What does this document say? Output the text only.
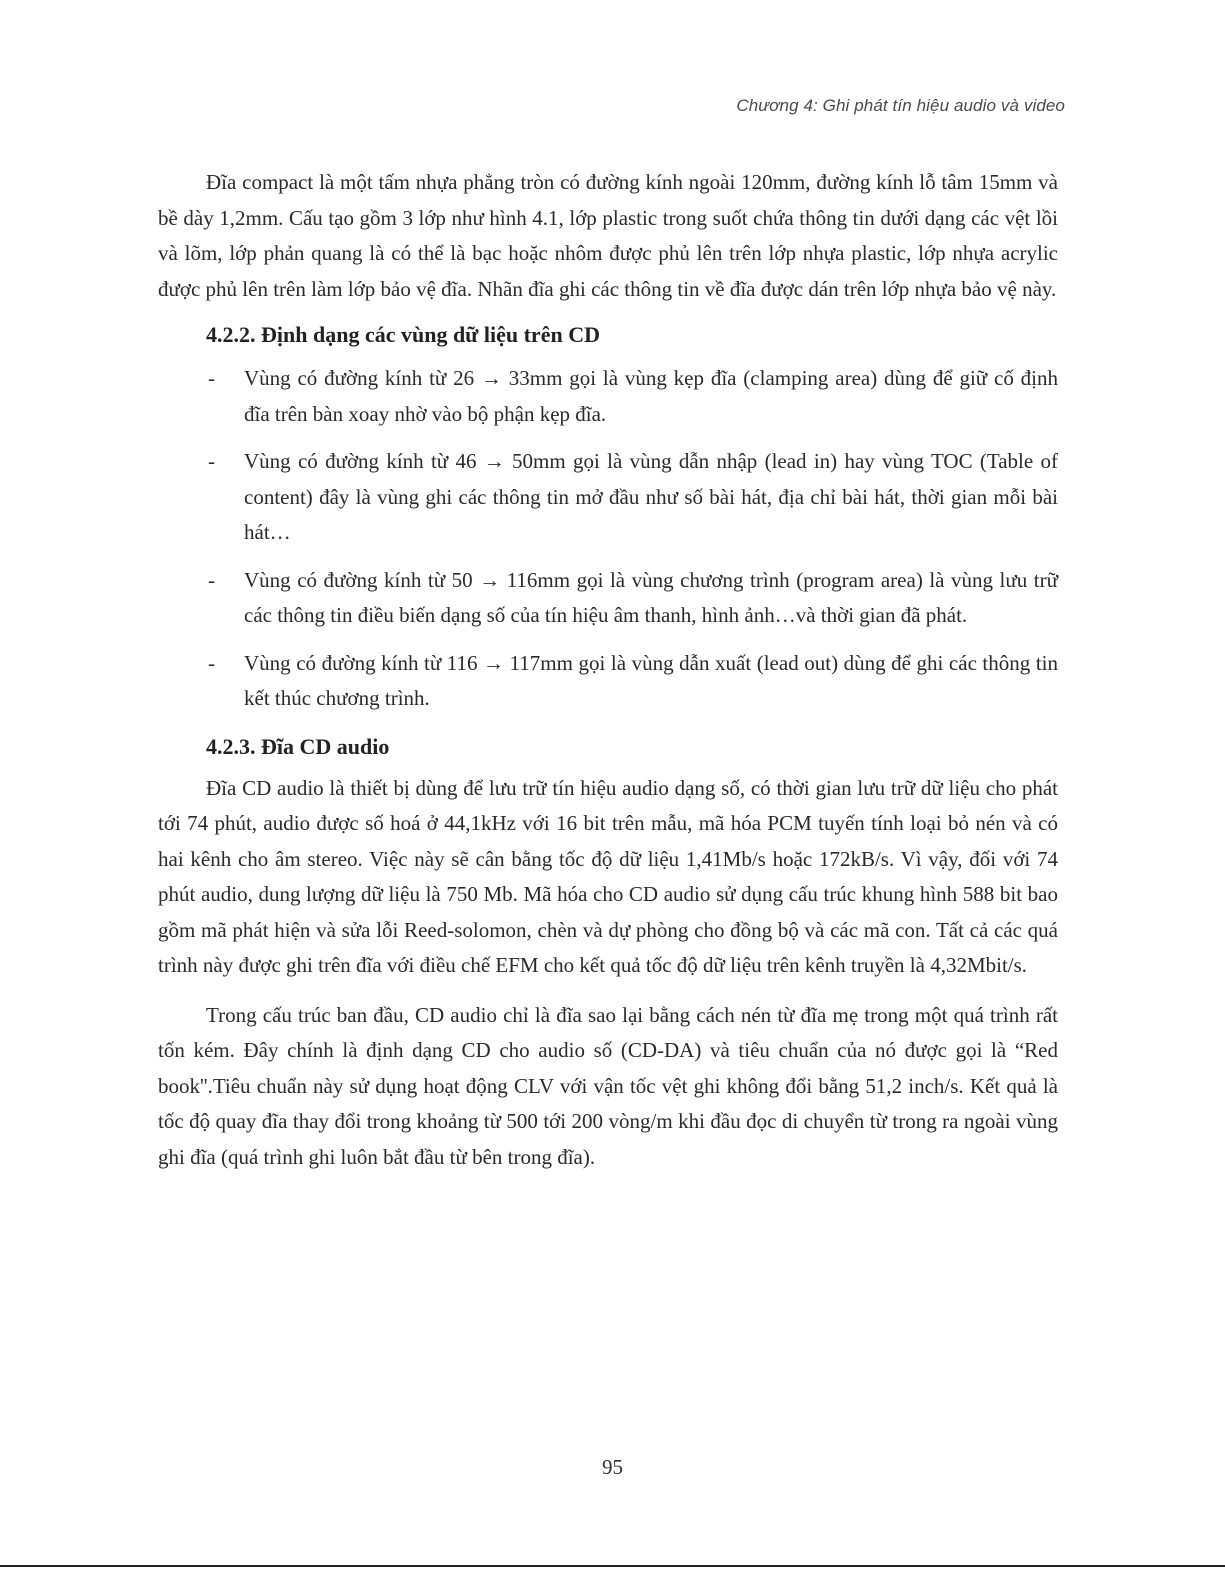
Chương 4: Ghi phát tín hiệu audio và video

Đĩa compact là một tấm nhựa phẳng tròn có đường kính ngoài 120mm, đường kính lỗ tâm 15mm và bề dày 1,2mm. Cấu tạo gồm 3 lớp như hình 4.1, lớp plastic trong suốt chứa thông tin dưới dạng các vệt lồi và lõm, lớp phản quang là có thể là bạc hoặc nhôm được phủ lên trên lớp nhựa plastic, lớp nhựa acrylic được phủ lên trên làm lớp bảo vệ đĩa. Nhãn đĩa ghi các thông tin về đĩa được dán trên lớp nhựa bảo vệ này.

4.2.2. Định dạng các vùng dữ liệu trên CD
- Vùng có đường kính từ 26 → 33mm gọi là vùng kẹp đĩa (clamping area) dùng để giữ cố định đĩa trên bàn xoay nhờ vào bộ phận kẹp đĩa.
- Vùng có đường kính từ 46 → 50mm gọi là vùng dẫn nhập (lead in) hay vùng TOC (Table of content) đây là vùng ghi các thông tin mở đầu như số bài hát, địa chỉ bài hát, thời gian mỗi bài hát…
- Vùng có đường kính từ 50 → 116mm gọi là vùng chương trình (program area) là vùng lưu trữ các thông tin điều biến dạng số của tín hiệu âm thanh, hình ảnh…và thời gian đã phát.
- Vùng có đường kính từ 116 → 117mm gọi là vùng dẫn xuất (lead out) dùng để ghi các thông tin kết thúc chương trình.
4.2.3. Đĩa CD audio

Đĩa CD audio là thiết bị dùng để lưu trữ tín hiệu audio dạng số, có thời gian lưu trữ dữ liệu cho phát tới 74 phút, audio được số hoá ở 44,1kHz với 16 bit trên mẫu, mã hóa PCM tuyến tính loại bỏ nén và có hai kênh cho âm stereo. Việc này sẽ cân bằng tốc độ dữ liệu 1,41Mb/s hoặc 172kB/s. Vì vậy, đối với 74 phút audio, dung lượng dữ liệu là 750 Mb. Mã hóa cho CD audio sử dụng cấu trúc khung hình 588 bit bao gồm mã phát hiện và sửa lỗi Reed-solomon, chèn và dự phòng cho đồng bộ và các mã con. Tất cả các quá trình này được ghi trên đĩa với điều chế EFM cho kết quả tốc độ dữ liệu trên kênh truyền là 4,32Mbit/s.

Trong cấu trúc ban đầu, CD audio chỉ là đĩa sao lại bằng cách nén từ đĩa mẹ trong một quá trình rất tốn kém. Đây chính là định dạng CD cho audio số (CD-DA) và tiêu chuẩn của nó được gọi là “Red book''.Tiêu chuẩn này sử dụng hoạt động CLV với vận tốc vệt ghi không đổi bằng 51,2 inch/s. Kết quả là tốc độ quay đĩa thay đổi trong khoảng từ 500 tới 200 vòng/m khi đầu đọc di chuyển từ trong ra ngoài vùng ghi đĩa (quá trình ghi luôn bắt đầu từ bên trong đĩa).

95
